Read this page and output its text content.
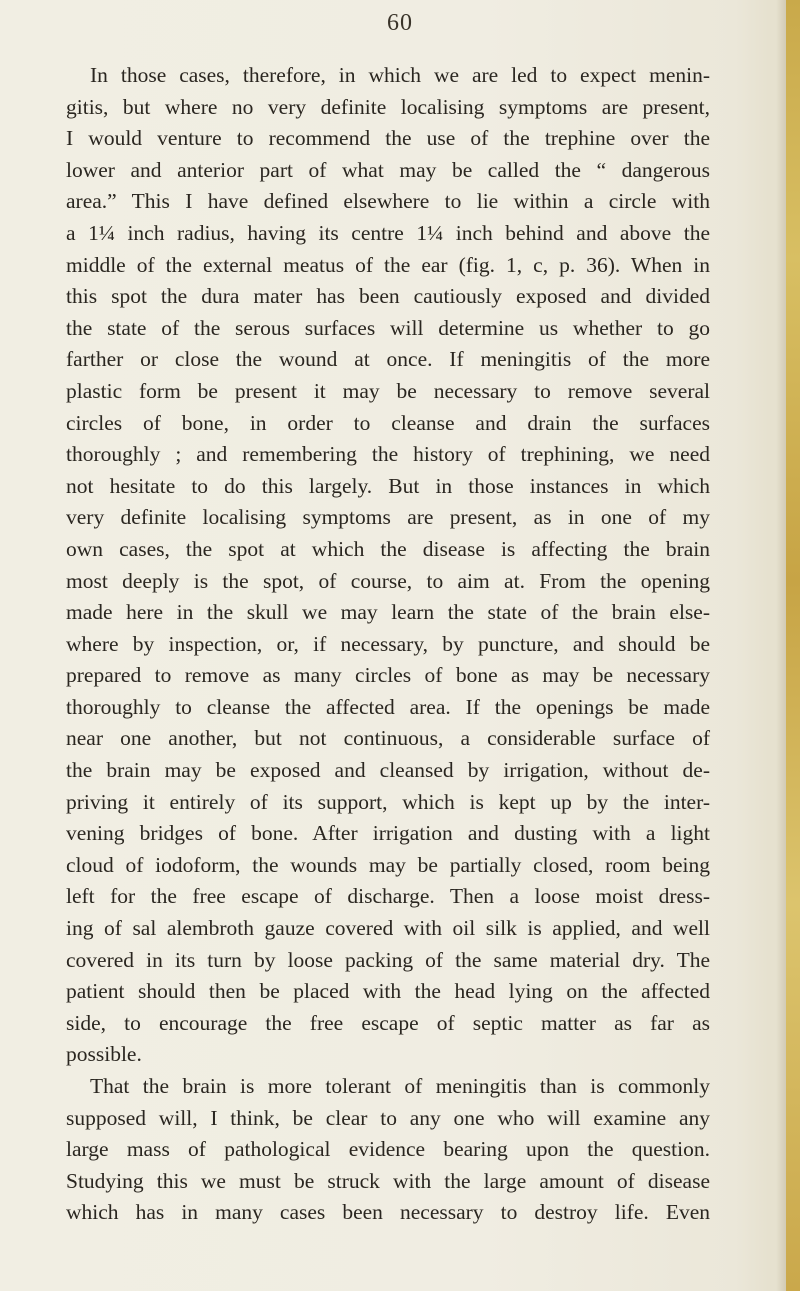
60
In those cases, therefore, in which we are led to expect menin-
gitis, but where no very definite localising symptoms are present,
I would venture to recommend the use of the trephine over the
lower and anterior part of what may be called the “ dangerous
area.” This I have defined elsewhere to lie within a circle with
a 1¼ inch radius, having its centre 1¼ inch behind and above the
middle of the external meatus of the ear (fig. 1, c, p. 36). When in
this spot the dura mater has been cautiously exposed and divided
the state of the serous surfaces will determine us whether to go
farther or close the wound at once. If meningitis of the more
plastic form be present it may be necessary to remove several
circles of bone, in order to cleanse and drain the surfaces
thoroughly ; and remembering the history of trephining, we need
not hesitate to do this largely. But in those instances in which
very definite localising symptoms are present, as in one of my
own cases, the spot at which the disease is affecting the brain
most deeply is the spot, of course, to aim at. From the opening
made here in the skull we may learn the state of the brain else-
where by inspection, or, if necessary, by puncture, and should be
prepared to remove as many circles of bone as may be necessary
thoroughly to cleanse the affected area. If the openings be made
near one another, but not continuous, a considerable surface of
the brain may be exposed and cleansed by irrigation, without de-
priving it entirely of its support, which is kept up by the inter-
vening bridges of bone. After irrigation and dusting with a light
cloud of iodoform, the wounds may be partially closed, room being
left for the free escape of discharge. Then a loose moist dress-
ing of sal alembroth gauze covered with oil silk is applied, and well
covered in its turn by loose packing of the same material dry. The
patient should then be placed with the head lying on the affected
side, to encourage the free escape of septic matter as far as
possible.
That the brain is more tolerant of meningitis than is commonly
supposed will, I think, be clear to any one who will examine any
large mass of pathological evidence bearing upon the question.
Studying this we must be struck with the large amount of disease
which has in many cases been necessary to destroy life. Even
